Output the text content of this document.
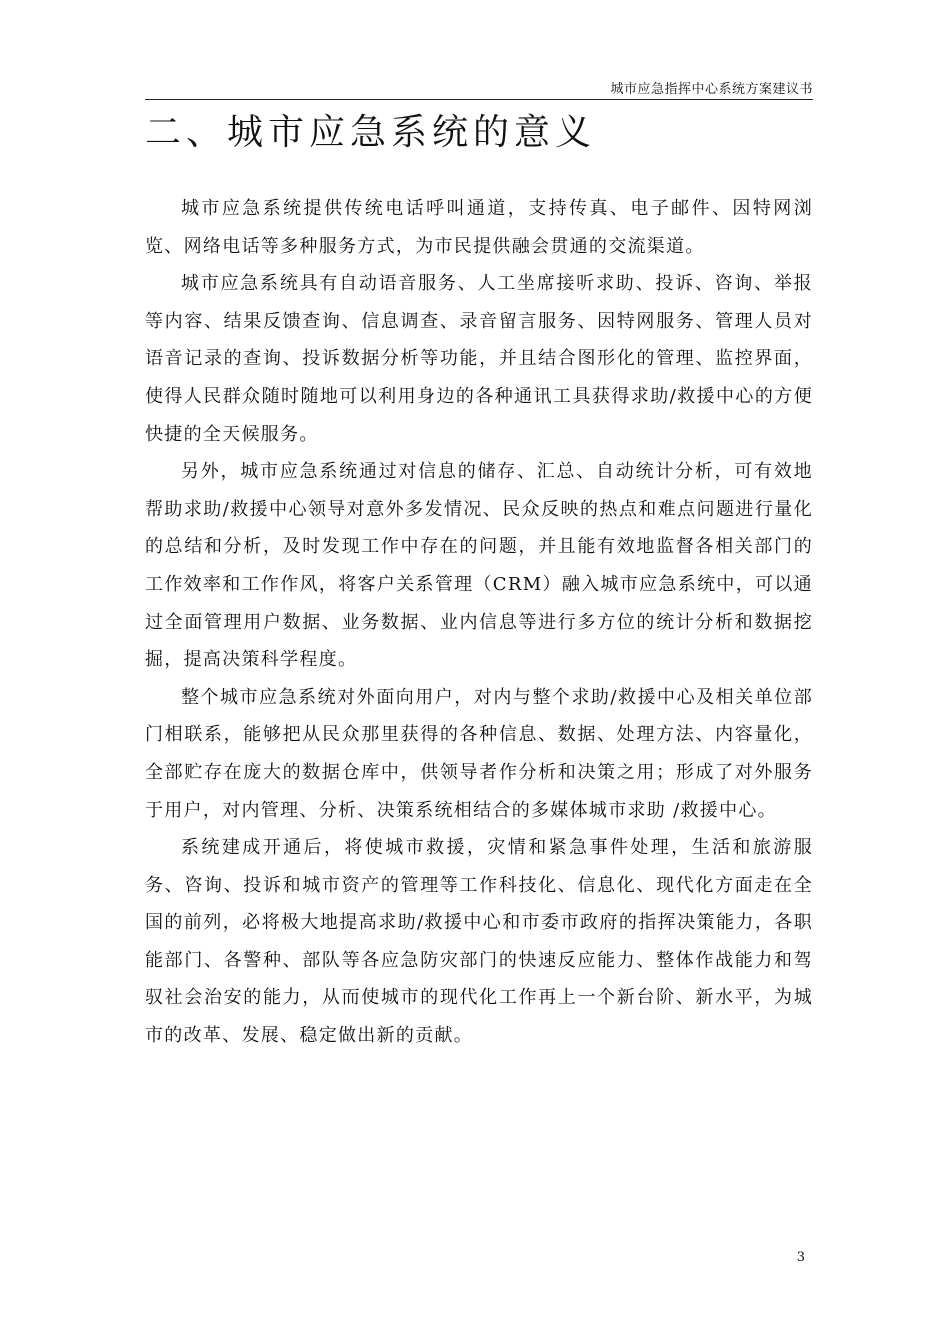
城市应急指挥中心系统方案建议书
二、城市应急系统的意义

城市应急系统提供传统电话呼叫通道，支持传真、电子邮件、因特网浏览、网络电话等多种服务方式，为市民提供融会贯通的交流渠道。

城市应急系统具有自动语音服务、人工坐席接听求助、投诉、咨询、举报等内容、结果反馈查询、信息调查、录音留言服务、因特网服务、管理人员对语音记录的查询、投诉数据分析等功能，并且结合图形化的管理、监控界面，使得人民群众随时随地可以利用身边的各种通讯工具获得求助/救援中心的方便快捷的全天候服务。

另外，城市应急系统通过对信息的储存、汇总、自动统计分析，可有效地帮助求助/救援中心领导对意外多发情况、民众反映的热点和难点问题进行量化的总结和分析，及时发现工作中存在的问题，并且能有效地监督各相关部门的工作效率和工作作风，将客户关系管理（CRM）融入城市应急系统中，可以通过全面管理用户数据、业务数据、业内信息等进行多方位的统计分析和数据挖掘，提高决策科学程度。

整个城市应急系统对外面向用户，对内与整个求助/救援中心及相关单位部门相联系，能够把从民众那里获得的各种信息、数据、处理方法、内容量化，全部贮存在庞大的数据仓库中，供领导者作分析和决策之用；形成了对外服务于用户，对内管理、分析、决策系统相结合的多媒体城市求助 /救援中心。

系统建成开通后，将使城市救援，灾情和紧急事件处理，生活和旅游服务、咨询、投诉和城市资产的管理等工作科技化、信息化、现代化方面走在全国的前列，必将极大地提高求助/救援中心和市委市政府的指挥决策能力，各职能部门、各警种、部队等各应急防灾部门的快速反应能力、整体作战能力和驾驭社会治安的能力，从而使城市的现代化工作再上一个新台阶、新水平，为城市的改革、发展、稳定做出新的贡献。

3
